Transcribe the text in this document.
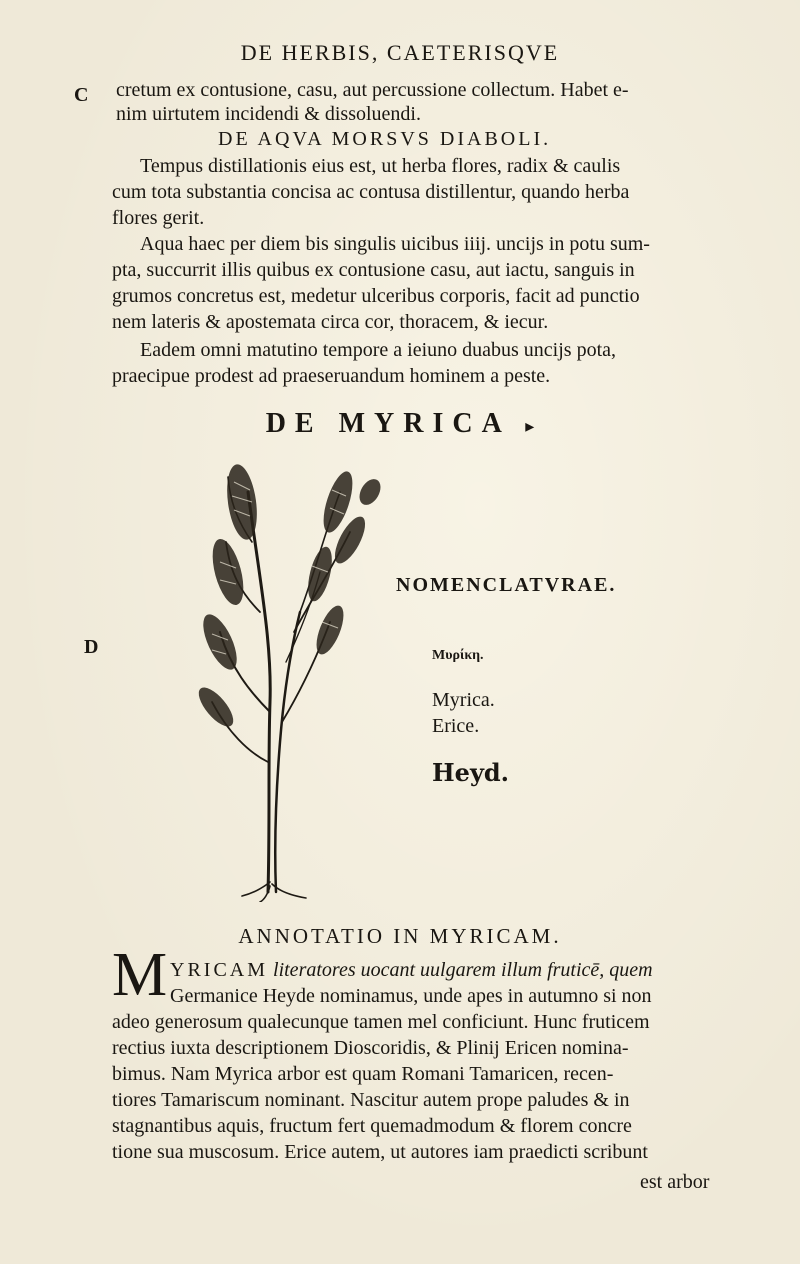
DE HERBIS, CAETERISQVE
C cretum ex contusione, casu, aut percussione collectum. Habet e-
nim uirtutem incidendi & dissoluendi.
DE AQVA MORSVS DIABOLI.
Tempus distillationis eius est, ut herba flores, radix & caulis
cum tota substantia concisa ac contusa distillentur, quando herba
flores gerit.
Aqua haec per diem bis singulis uicibus iiij. uncijs in potu sum-
pta, succurrit illis quibus ex contusione casu, aut iactu, sanguis in
grumos concretus est, medetur ulceribus corporis, facit ad punctio
nem lateris & apostemata circa cor, thoracem, & iecur.
Eadem omni matutino tempore a ieiuno duabus uncijs pota,
praecipue prodest ad praeseruandum hominem a peste.
DE MYRICA ▸
D
NOMENCLATVRAE.
Μυρίκη.
Myrica.
Erice.
Heyd.
ANNOTATIO IN MYRICAM.
M YRICAM literatores uocant uulgarem illum fruticē, quem
Germanice Heyde nominamus, unde apes in autumno si non
adeo generosum qualecunque tamen mel conficiunt. Hunc fruticem
rectius iuxta descriptionem Dioscoridis, & Plinij Ericen nomina-
bimus. Nam Myrica arbor est quam Romani Tamaricen, recen-
tiores Tamariscum nominant. Nascitur autem prope paludes & in
stagnantibus aquis, fructum fert quemadmodum & florem concre
tione sua muscosum. Erice autem, ut autores iam praedicti scribunt
est arbor
